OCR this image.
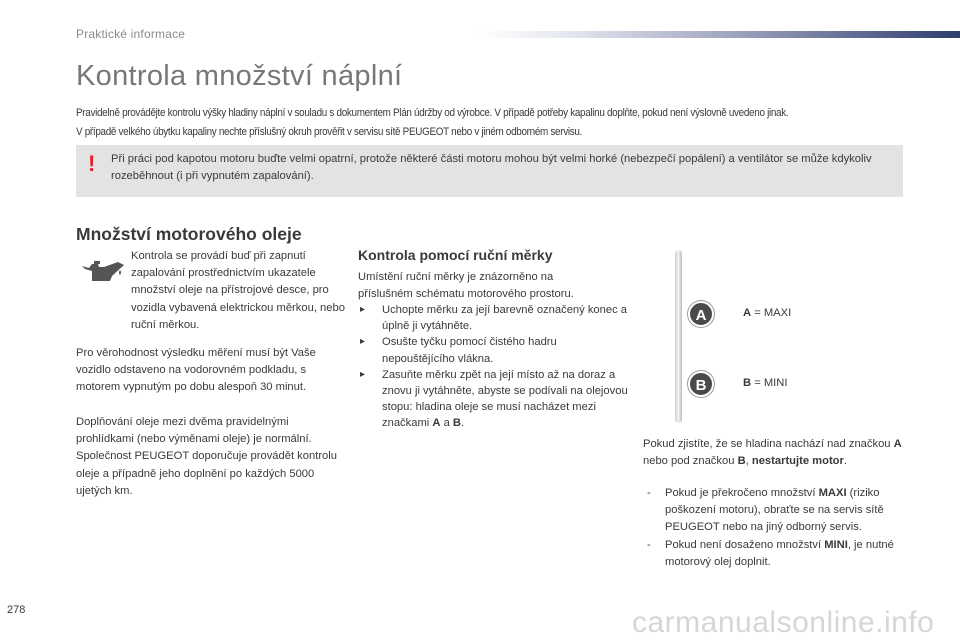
Praktické informace
Kontrola množství náplní
Pravidelně provádějte kontrolu výšky hladiny náplní v souladu s dokumentem Plán údržby od výrobce. V případě potřeby kapalinu doplňte, pokud není výslovně uvedeno jinak.
V případě velkého úbytku kapaliny nechte příslušný okruh prověřit v servisu sítě PEUGEOT nebo v jiném odborném servisu.
! Při práci pod kapotou motoru buďte velmi opatrní, protože některé části motoru mohou být velmi horké (nebezpečí popálení) a ventilátor se může kdykoliv rozeběhnout (i při vypnutém zapalování).
Množství motorového oleje
Kontrola se provádí buď při zapnutí zapalování prostřednictvím ukazatele množství oleje na přístrojové desce, pro vozidla vybavená elektrickou měrkou, nebo ruční měrkou.
Pro věrohodnost výsledku měření musí být Vaše vozidlo odstaveno na vodorovném podkladu, s motorem vypnutým po dobu alespoň 30 minut.
Doplňování oleje mezi dvěma pravidelnými prohlídkami (nebo výměnami oleje) je normální. Společnost PEUGEOT doporučuje provádět kontrolu oleje a případně jeho doplnění po každých 5000 ujetých km.
Kontrola pomocí ruční měrky
Umístění ruční měrky je znázorněno na příslušném schématu motorového prostoru.
▸ Uchopte měrku za její barevně označený konec a úplně ji vytáhněte.
▸ Osušte tyčku pomocí čistého hadru nepouštějícího vlákna.
▸ Zasuňte měrku zpět na její místo až na doraz a znovu ji vytáhněte, abyste se podívali na olejovou stopu: hladina oleje se musí nacházet mezi značkami A a B.
A
B
A = MAXI
B = MINI
Pokud zjistíte, že se hladina nachází nad značkou A nebo pod značkou B, nestartujte motor.
- Pokud je překročeno množství MAXI (riziko poškození motoru), obraťte se na servis sítě PEUGEOT nebo na jiný odborný servis.
- Pokud není dosaženo množství MINI, je nutné motorový olej doplnit.
278	carmanualsonline.info
